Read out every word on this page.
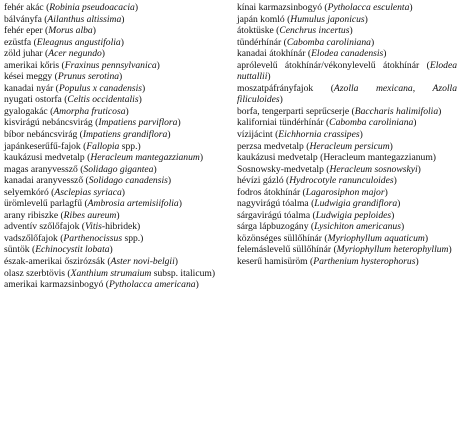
fehér akác (Robinia pseudoacacia)

bálványfa (Ailanthus altissima)

fehér eper (Morus alba)

ezüstfa (Eleagnus angustifolia)

zöld juhar (Acer negundo)

amerikai kőris (Fraxinus pennsylvanica)

kései meggy (Prunus serotina)

kanadai nyár (Populus x canadensis)

nyugati ostorfa (Celtis occidentalis)

gyalogakác (Amorpha fruticosa)

kisvirágú nebáncsvirág (Impatiens parviflora)

bíbor nebáncsvirág (Impatiens grandiflora)

japánkeserűfű-fajok (Fallopia spp.)

kaukázusi medvetalp (Heracleum mantegazzianum)

magas aranyvessző (Solidago gigantea)

kanadai aranyvessző (Solidago canadensis)

selyemkóró (Asclepias syriaca)

ürömlevelű parlagfű (Ambrosia artemisiifolia)

arany ribiszke (Ribes aureum)

adventív szőlőfajok (Vitis-hibridek)

vadszőlőfajok (Parthenocissus spp.)

süntök (Echinocystit lobata)

észak-amerikai őszirózsák (Aster novi-belgii)

olasz szerbtövis (Xanthium strumaium subsp. italicum)

amerikai karmazsinbogyó (Pytholacca americana)

kínai karmazsinbogyó (Pytholacca esculenta)

japán komló (Humulus japonicus)

átoktüske (Cenchrus incertus)

tündérhínár (Cabomba caroliniana)

kanadai átokhínár (Elodea canadensis)

aprólevelű átokhínár/vékonylevelű átokhínár (Elodea nuttallii)

moszatpáfrányfajok (Azolla mexicana, Azolla filiculoides)

borfa, tengerparti seprűcserje (Baccharis halimifolia)

kaliforniai tündérhínár (Cabomba caroliniana)

vízijácint (Eichhornia crassipes)

perzsa medvetalp (Heracleum persicum)

kaukázusi medvetalp (Heracleum mantegazzianum)

Sosnowsky-medvetalp (Heracleum sosnowskyi)

hévízi gázló (Hydrocotyle ranunculoides)

fodros átokhínár (Lagarosiphon major)

nagyvirágú tóalma (Ludwigia grandiflora)

sárgavirágú tóalma (Ludwigia peploides)

sárga lápbuzogány (Lysichiton americanus)

közönséges süllőhínár (Myriophyllum aquaticum)

felemáslevelű süllőhínár (Myriophyllum heterophyllum)

keserű hamisüröm (Parthenium hysterophorus)
